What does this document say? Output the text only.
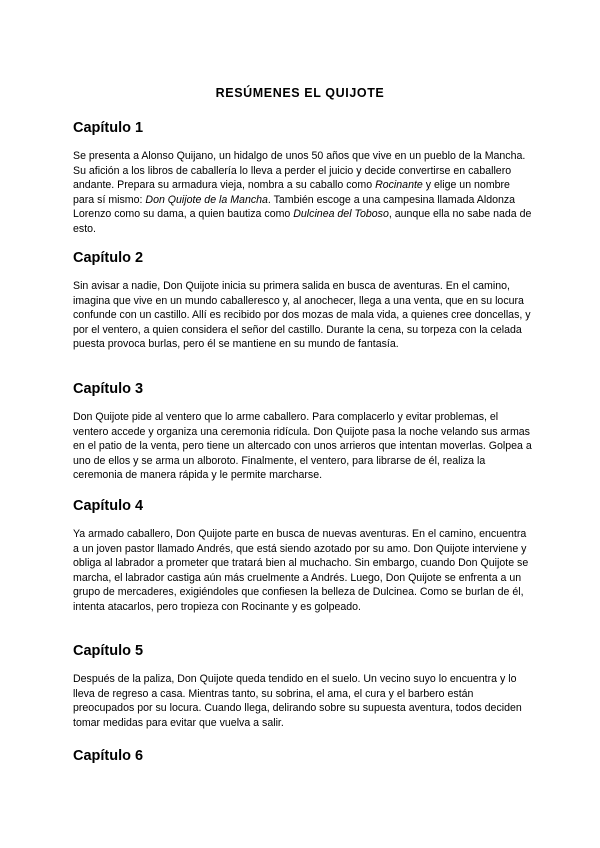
RESÚMENES EL QUIJOTE
Capítulo 1

Se presenta a Alonso Quijano, un hidalgo de unos 50 años que vive en un pueblo de la Mancha. Su afición a los libros de caballería lo lleva a perder el juicio y decide convertirse en caballero andante. Prepara su armadura vieja, nombra a su caballo como Rocinante y elige un nombre para sí mismo: Don Quijote de la Mancha. También escoge a una campesina llamada Aldonza Lorenzo como su dama, a quien bautiza como Dulcinea del Toboso, aunque ella no sabe nada de esto.

Capítulo 2

Sin avisar a nadie, Don Quijote inicia su primera salida en busca de aventuras. En el camino, imagina que vive en un mundo caballeresco y, al anochecer, llega a una venta, que en su locura confunde con un castillo. Allí es recibido por dos mozas de mala vida, a quienes cree doncellas, y por el ventero, a quien considera el señor del castillo. Durante la cena, su torpeza con la celada puesta provoca burlas, pero él se mantiene en su mundo de fantasía.

Capítulo 3

Don Quijote pide al ventero que lo arme caballero. Para complacerlo y evitar problemas, el ventero accede y organiza una ceremonia ridícula. Don Quijote pasa la noche velando sus armas en el patio de la venta, pero tiene un altercado con unos arrieros que intentan moverlas. Golpea a uno de ellos y se arma un alboroto. Finalmente, el ventero, para librarse de él, realiza la ceremonia de manera rápida y le permite marcharse.

Capítulo 4

Ya armado caballero, Don Quijote parte en busca de nuevas aventuras. En el camino, encuentra a un joven pastor llamado Andrés, que está siendo azotado por su amo. Don Quijote interviene y obliga al labrador a prometer que tratará bien al muchacho. Sin embargo, cuando Don Quijote se marcha, el labrador castiga aún más cruelmente a Andrés. Luego, Don Quijote se enfrenta a un grupo de mercaderes, exigiéndoles que confiesen la belleza de Dulcinea. Como se burlan de él, intenta atacarlos, pero tropieza con Rocinante y es golpeado.

Capítulo 5

Después de la paliza, Don Quijote queda tendido en el suelo. Un vecino suyo lo encuentra y lo lleva de regreso a casa. Mientras tanto, su sobrina, el ama, el cura y el barbero están preocupados por su locura. Cuando llega, delirando sobre su supuesta aventura, todos deciden tomar medidas para evitar que vuelva a salir.

Capítulo 6
